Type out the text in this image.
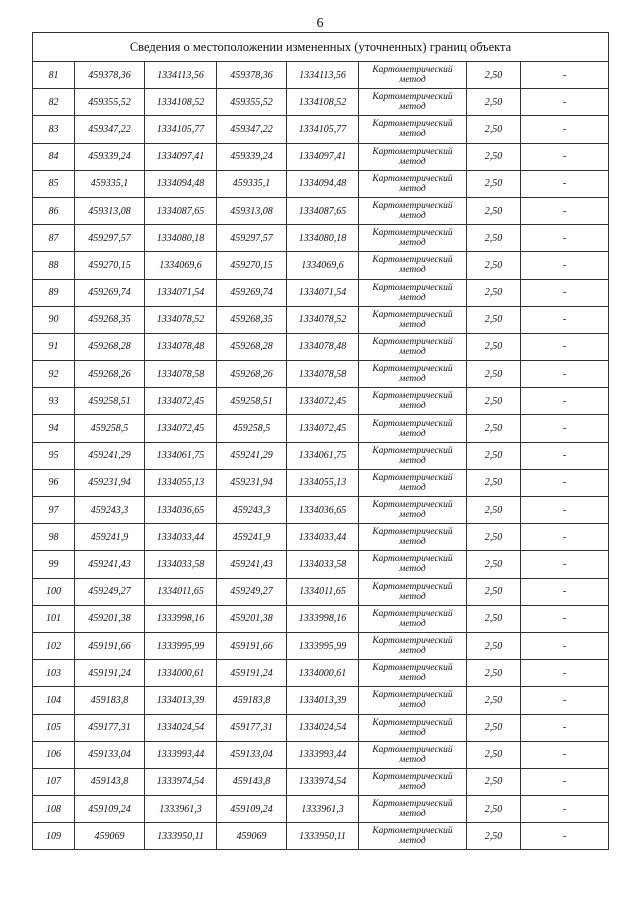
6
Сведения о местоположении измененных (уточненных) границ объекта							
81	459378,36	1334113,56	459378,36	1334113,56	Картометрический метод	2,50	-
82	459355,52	1334108,52	459355,52	1334108,52	Картометрический метод	2,50	-
83	459347,22	1334105,77	459347,22	1334105,77	Картометрический метод	2,50	-
84	459339,24	1334097,41	459339,24	1334097,41	Картометрический метод	2,50	-
85	459335,1	1334094,48	459335,1	1334094,48	Картометрический метод	2,50	-
86	459313,08	1334087,65	459313,08	1334087,65	Картометрический метод	2,50	-
87	459297,57	1334080,18	459297,57	1334080,18	Картометрический метод	2,50	-
88	459270,15	1334069,6	459270,15	1334069,6	Картометрический метод	2,50	-
89	459269,74	1334071,54	459269,74	1334071,54	Картометрический метод	2,50	-
90	459268,35	1334078,52	459268,35	1334078,52	Картометрический метод	2,50	-
91	459268,28	1334078,48	459268,28	1334078,48	Картометрический метод	2,50	-
92	459268,26	1334078,58	459268,26	1334078,58	Картометрический метод	2,50	-
93	459258,51	1334072,45	459258,51	1334072,45	Картометрический метод	2,50	-
94	459258,5	1334072,45	459258,5	1334072,45	Картометрический метод	2,50	-
95	459241,29	1334061,75	459241,29	1334061,75	Картометрический метод	2,50	-
96	459231,94	1334055,13	459231,94	1334055,13	Картометрический метод	2,50	-
97	459243,3	1334036,65	459243,3	1334036,65	Картометрический метод	2,50	-
98	459241,9	1334033,44	459241,9	1334033,44	Картометрический метод	2,50	-
99	459241,43	1334033,58	459241,43	1334033,58	Картометрический метод	2,50	-
100	459249,27	1334011,65	459249,27	1334011,65	Картометрический метод	2,50	-
101	459201,38	1333998,16	459201,38	1333998,16	Картометрический метод	2,50	-
102	459191,66	1333995,99	459191,66	1333995,99	Картометрический метод	2,50	-
103	459191,24	1334000,61	459191,24	1334000,61	Картометрический метод	2,50	-
104	459183,8	1334013,39	459183,8	1334013,39	Картометрический метод	2,50	-
105	459177,31	1334024,54	459177,31	1334024,54	Картометрический метод	2,50	-
106	459133,04	1333993,44	459133,04	1333993,44	Картометрический метод	2,50	-
107	459143,8	1333974,54	459143,8	1333974,54	Картометрический метод	2,50	-
108	459109,24	1333961,3	459109,24	1333961,3	Картометрический метод	2,50	-
109	459069	1333950,11	459069	1333950,11	Картометрический метод	2,50	-
